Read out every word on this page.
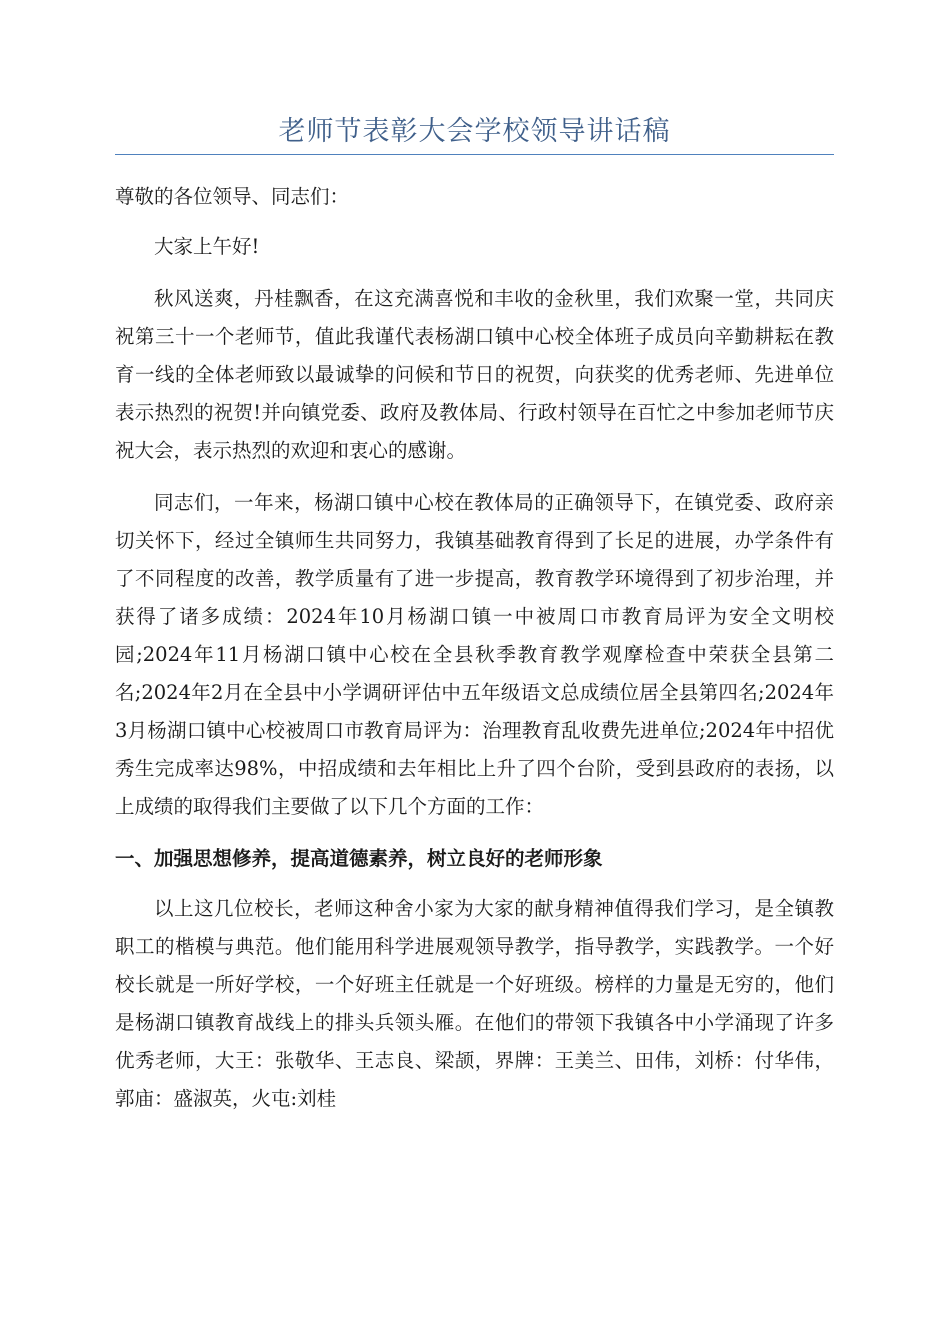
老师节表彰大会学校领导讲话稿

尊敬的各位领导、同志们：

大家上午好!

秋风送爽，丹桂飘香，在这充满喜悦和丰收的金秋里，我们欢聚一堂，共同庆祝第三十一个老师节，值此我谨代表杨湖口镇中心校全体班子成员向辛勤耕耘在教育一线的全体老师致以最诚挚的问候和节日的祝贺，向获奖的优秀老师、先进单位表示热烈的祝贺!并向镇党委、政府及教体局、行政村领导在百忙之中参加老师节庆祝大会，表示热烈的欢迎和衷心的感谢。

同志们，一年来，杨湖口镇中心校在教体局的正确领导下，在镇党委、政府亲切关怀下，经过全镇师生共同努力，我镇基础教育得到了长足的进展，办学条件有了不同程度的改善，教学质量有了进一步提高，教育教学环境得到了初步治理，并获得了诸多成绩：2024年10月杨湖口镇一中被周口市教育局评为安全文明校园;2024年11月杨湖口镇中心校在全县秋季教育教学观摩检查中荣获全县第二名;2024年2月在全县中小学调研评估中五年级语文总成绩位居全县第四名;2024年3月杨湖口镇中心校被周口市教育局评为：治理教育乱收费先进单位;2024年中招优秀生完成率达98%，中招成绩和去年相比上升了四个台阶，受到县政府的表扬，以上成绩的取得我们主要做了以下几个方面的工作：

一、加强思想修养，提高道德素养，树立良好的老师形象

以上这几位校长，老师这种舍小家为大家的献身精神值得我们学习，是全镇教职工的楷模与典范。他们能用科学进展观领导教学，指导教学，实践教学。一个好校长就是一所好学校，一个好班主任就是一个好班级。榜样的力量是无穷的，他们是杨湖口镇教育战线上的排头兵领头雁。在他们的带领下我镇各中小学涌现了许多优秀老师，大王：张敬华、王志良、梁颉，界牌：王美兰、田伟，刘桥：付华伟，郭庙：盛淑英，火屯:刘桂
